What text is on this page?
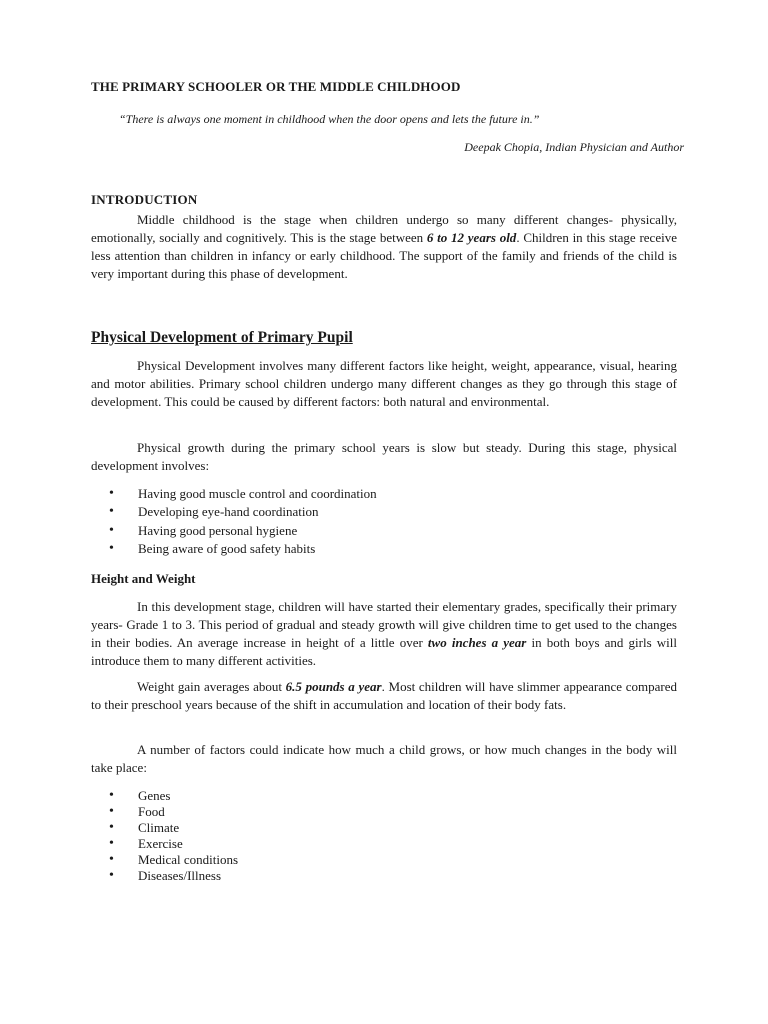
THE PRIMARY SCHOOLER OR THE MIDDLE CHILDHOOD
“There is always one moment in childhood when the door opens and lets the future in.”
Deepak Chopia, Indian Physician and Author
INTRODUCTION

Middle childhood is the stage when children undergo so many different changes- physically, emotionally, socially and cognitively. This is the stage between 6 to 12 years old. Children in this stage receive less attention than children in infancy or early childhood. The support of the family and friends of the child is very important during this phase of development.

Physical Development of Primary Pupil

Physical Development involves many different factors like height, weight, appearance, visual, hearing and motor abilities. Primary school children undergo many different changes as they go through this stage of development. This could be caused by different factors: both natural and environmental.

Physical growth during the primary school years is slow but steady. During this stage, physical development involves:

• Having good muscle control and coordination
• Developing eye-hand coordination
• Having good personal hygiene
• Being aware of good safety habits
Height and Weight

In this development stage, children will have started their elementary grades, specifically their primary years- Grade 1 to 3. This period of gradual and steady growth will give children time to get used to the changes in their bodies. An average increase in height of a little over two inches a year in both boys and girls will introduce them to many different activities.

Weight gain averages about 6.5 pounds a year. Most children will have slimmer appearance compared to their preschool years because of the shift in accumulation and location of their body fats.

A number of factors could indicate how much a child grows, or how much changes in the body will take place:

• Genes
• Food
• Climate
• Exercise
• Medical conditions
• Diseases/Illness
